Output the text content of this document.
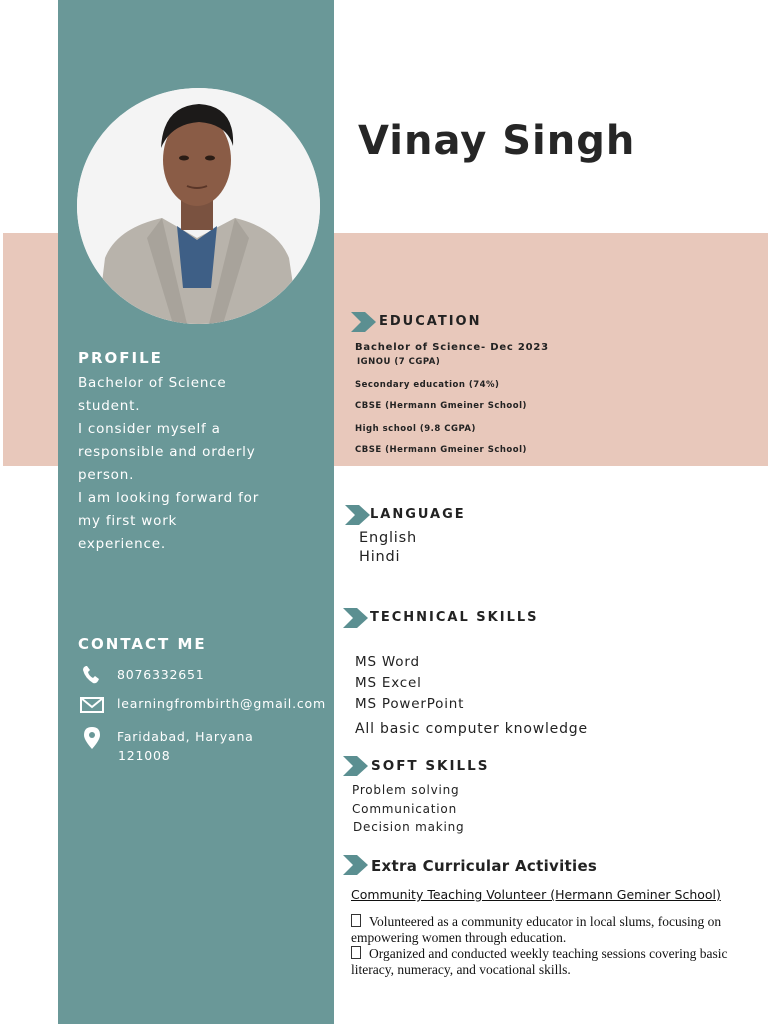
Vinay Singh
PROFILE
Bachelor of Science
student.
I consider myself a
responsible and orderly
person.
I am looking forward for
my first work
experience.
CONTACT ME
8076332651
learningfrombirth@gmail.com
Faridabad, Haryana
121008
EDUCATION
Bachelor of Science- Dec 2023
IGNOU (7 CGPA)
Secondary education (74%)
CBSE (Hermann Gmeiner School)
High school (9.8 CGPA)
CBSE (Hermann Gmeiner School)
LANGUAGE
English
Hindi
TECHNICAL SKILLS
MS Word
MS Excel
MS PowerPoint
All basic computer knowledge
SOFT SKILLS
Problem solving
Communication
Decision making
Extra Curricular Activities
Community Teaching Volunteer (Hermann Geminer School)

Volunteered as a community educator in local slums, focusing on empowering women through education.

Organized and conducted weekly teaching sessions covering basic literacy, numeracy, and vocational skills.
